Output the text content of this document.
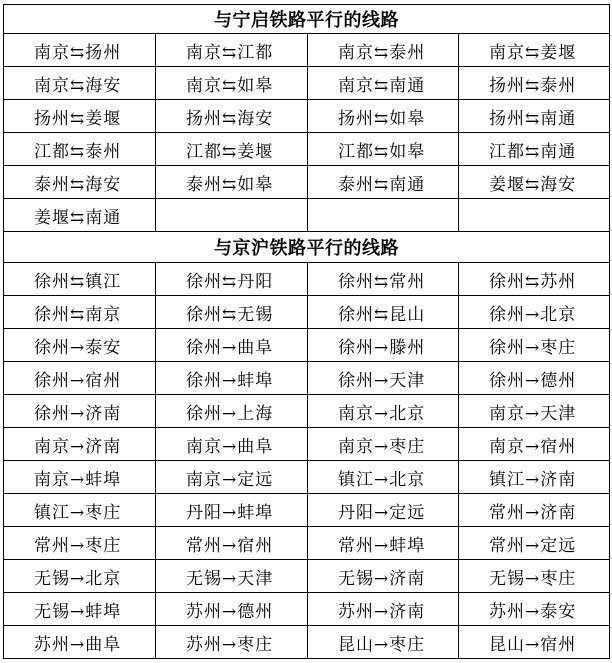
与宁启铁路平行的线路			
南京⇆扬州	南京⇆江都	南京⇆泰州	南京⇆姜堰
南京⇆海安	南京⇆如皋	南京⇆南通	扬州⇆泰州
扬州⇆姜堰	扬州⇆海安	扬州⇆如皋	扬州⇆南通
江都⇆泰州	江都⇆姜堰	江都⇆如皋	江都⇆南通
泰州⇆海安	泰州⇆如皋	泰州⇆南通	姜堰⇆海安
姜堰⇆南通			
与京沪铁路平行的线路			
徐州⇆镇江	徐州⇆丹阳	徐州⇆常州	徐州⇆苏州
徐州⇆南京	徐州⇆无锡	徐州⇆昆山	徐州→北京
徐州→泰安	徐州→曲阜	徐州→滕州	徐州→枣庄
徐州→宿州	徐州→蚌埠	徐州→天津	徐州→德州
徐州→济南	徐州→上海	南京→北京	南京→天津
南京→济南	南京→曲阜	南京→枣庄	南京→宿州
南京→蚌埠	南京→定远	镇江→北京	镇江→济南
镇江→枣庄	丹阳→蚌埠	丹阳→定远	常州→济南
常州→枣庄	常州→宿州	常州→蚌埠	常州→定远
无锡→北京	无锡→天津	无锡→济南	无锡→枣庄
无锡→蚌埠	苏州→德州	苏州→济南	苏州→泰安
苏州→曲阜	苏州→枣庄	昆山→枣庄	昆山→宿州
